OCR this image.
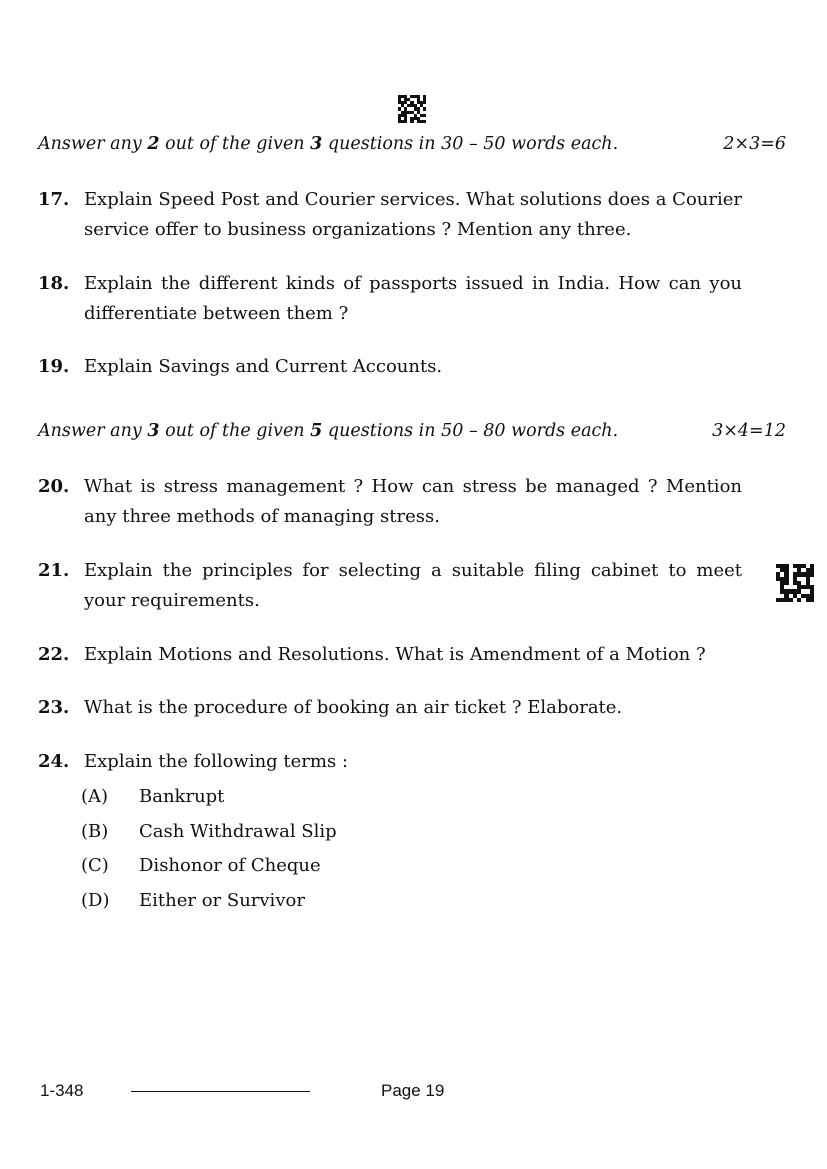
Answer any 2 out of the given 3 questions in 30 – 50 words each.	2×3=6
17. Explain Speed Post and Courier services. What solutions does a Courier service offer to business organizations ? Mention any three.
18. Explain the different kinds of passports issued in India. How can you differentiate between them ?
19. Explain Savings and Current Accounts.
Answer any 3 out of the given 5 questions in 50 – 80 words each.	3×4=12
20. What is stress management ? How can stress be managed ? Mention any three methods of managing stress.
21. Explain the principles for selecting a suitable filing cabinet to meet your requirements.
22. Explain Motions and Resolutions. What is Amendment of a Motion ?
23. What is the procedure of booking an air ticket ? Elaborate.
24. Explain the following terms :
(A)	Bankrupt
(B)	Cash Withdrawal Slip
(C)	Dishonor of Cheque
(D)	Either or Survivor
1-348	Page 19
